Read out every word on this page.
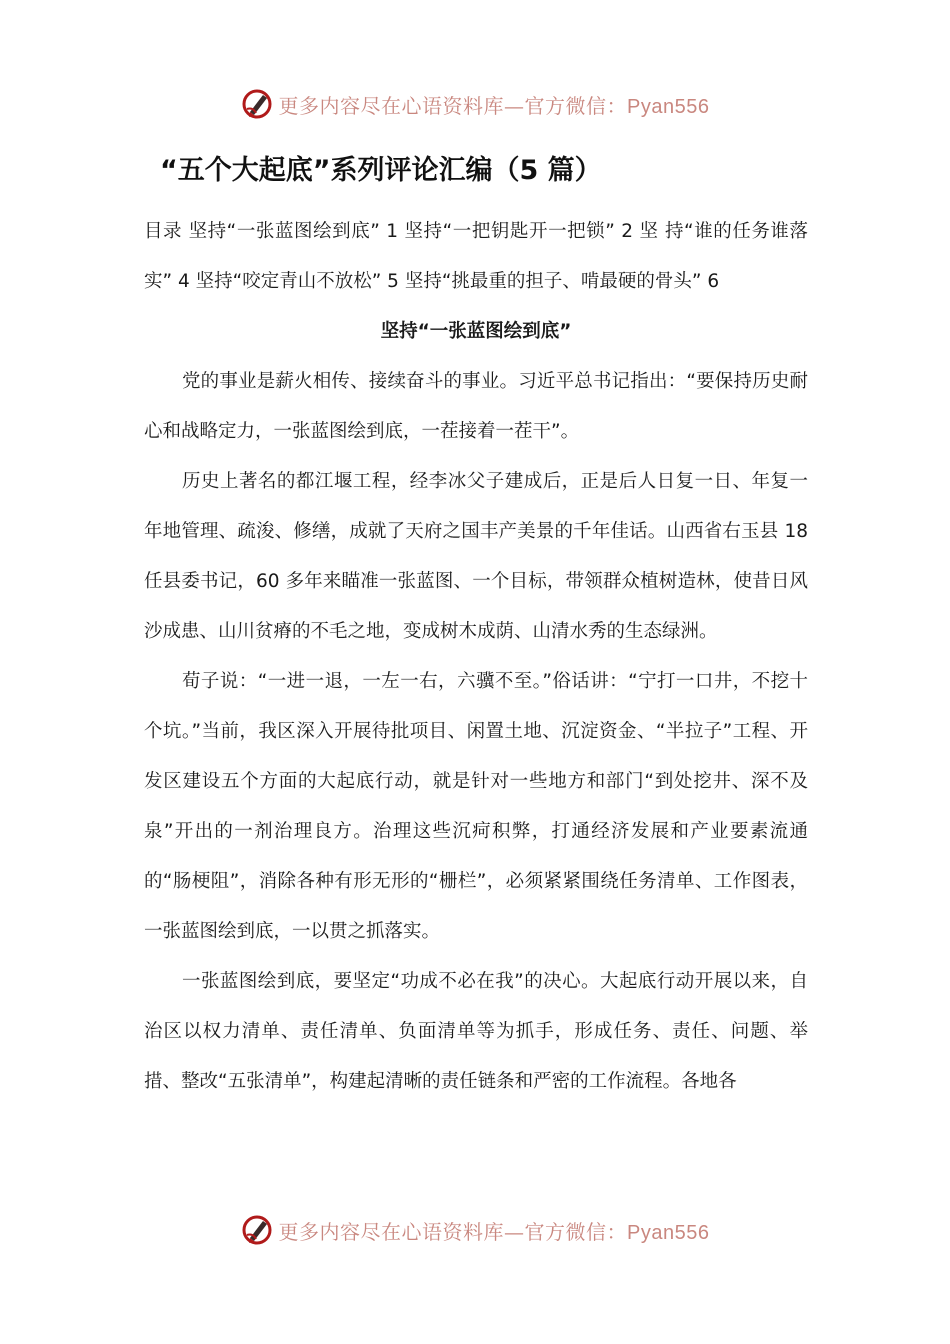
更多内容尽在心语资料库—官方微信：Pyan556
“五个大起底”系列评论汇编（5 篇）

目录 坚持“一张蓝图绘到底” 1 坚持“一把钥匙开一把锁” 2 坚 持“谁的任务谁落实” 4 坚持“咬定青山不放松” 5 坚持“挑最重的担子、啃最硬的骨头” 6

坚持“一张蓝图绘到底”

党的事业是薪火相传、接续奋斗的事业。习近平总书记指出：“要保持历史耐心和战略定力，一张蓝图绘到底，一茬接着一茬干”。

历史上著名的都江堰工程，经李冰父子建成后，正是后人日复一日、年复一年地管理、疏浚、修缮，成就了天府之国丰产美景的千年佳话。山西省右玉县 18 任县委书记，60 多年来瞄准一张蓝图、一个目标，带领群众植树造林，使昔日风沙成患、山川贫瘠的不毛之地，变成树木成荫、山清水秀的生态绿洲。

荀子说：“一进一退，一左一右，六骥不至。”俗话讲：“宁打一口井，不挖十个坑。”当前，我区深入开展待批项目、闲置土地、沉淀资金、“半拉子”工程、开发区建设五个方面的大起底行动，就是针对一些地方和部门“到处挖井、深不及泉”开出的一剂治理良方。治理这些沉疴积弊，打通经济发展和产业要素流通的“肠梗阻”，消除各种有形无形的“栅栏”，必须紧紧围绕任务清单、工作图表，一张蓝图绘到底，一以贯之抓落实。

一张蓝图绘到底，要坚定“功成不必在我”的决心。大起底行动开展以来，自治区以权力清单、责任清单、负面清单等为抓手，形成任务、责任、问题、举措、整改“五张清单”，构建起清晰的责任链条和严密的工作流程。各地各

更多内容尽在心语资料库—官方微信：Pyan556
